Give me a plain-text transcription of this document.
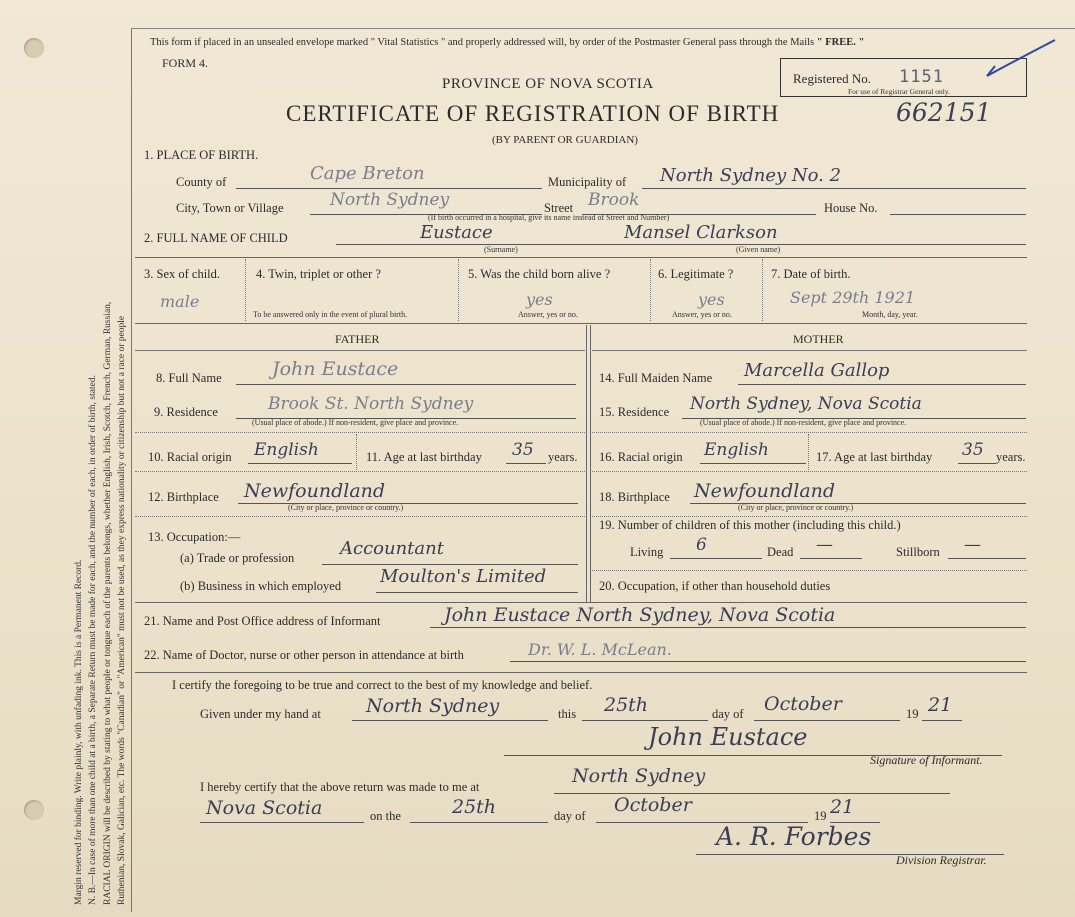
Margin reserved for binding. Write plainly, with unfading ink. This is a Permanent Record. N. B.—In case of more than one child at a birth, a Separate Return must be made for each, and the number of each, in order of birth, stated. RACIAL ORIGIN will be described by stating to what people or tongue each of the parents belongs, whether English, Irish, Scotch, French, German, Russian, Ruthenian, Slovak, Galician, etc. The words "Canadian" or "American" must not be used, as they express nationality or citizenship but not a race or people
This form if placed in an unsealed envelope marked " Vital Statistics " and properly addressed will, by order of the Postmaster General pass through the Mails " FREE. "
FORM 4.
Registered No. 1151
For use of Registrar General only.
PROVINCE OF NOVA SCOTIA
CERTIFICATE OF REGISTRATION OF BIRTH	662151
(BY PARENT OR GUARDIAN)
1. PLACE OF BIRTH.
County of	Cape Breton	Municipality of North Sydney No. 2
City, Town or Village	North Sydney	Street Brook	House No.
(If birth occurred in a hospital, give its name instead of Street and Number)
2. FULL NAME OF CHILD	Eustace
(Surname)
Mansel Clarkson
(Given name)
3. Sex of child.
male
4. Twin, triplet or other ?
To be answered only in the event of plural birth.
5. Was the child born alive ?
yes
Answer, yes or no.
6. Legitimate ?
yes
Answer, yes or no.
7. Date of birth.
Sept 29th 1921
Month, day, year.
FATHER	MOTHER
8. Full Name	John Eustace
9. Residence	Brook St. North Sydney
(Usual place of abode.) If non-resident, give place and province.
10. Racial origin English	11. Age at last birthday 35 years.
12. Birthplace Newfoundland
(City or place, province or country.)
13. Occupation:—
(a) Trade or profession	Accountant
(b) Business in which employed Moulton's Limited
14. Full Maiden Name Marcella Gallop
15. Residence North Sydney, Nova Scotia
(Usual place of abode.) If non-resident, give place and province.
16. Racial origin English	17. Age at last birthday 35 years.
18. Birthplace Newfoundland
(City or place, province or country.)
19. Number of children of this mother (including this child.)
Living 6	Dead —	Stillborn —
20. Occupation, if other than household duties
21. Name and Post Office address of Informant	John Eustace North Sydney, Nova Scotia
22. Name of Doctor, nurse or other person in attendance at birth	Dr. W. L. McLean.
I certify the foregoing to be true and correct to the best of my knowledge and belief.
Given under my hand at North Sydney	this 25th	day of October	19 21
John Eustace
Signature of Informant.
I hereby certify that the above return was made to me at	North Sydney
Nova Scotia	on the	25th	day of October	19 21
A. R. Forbes
Division Registrar.
